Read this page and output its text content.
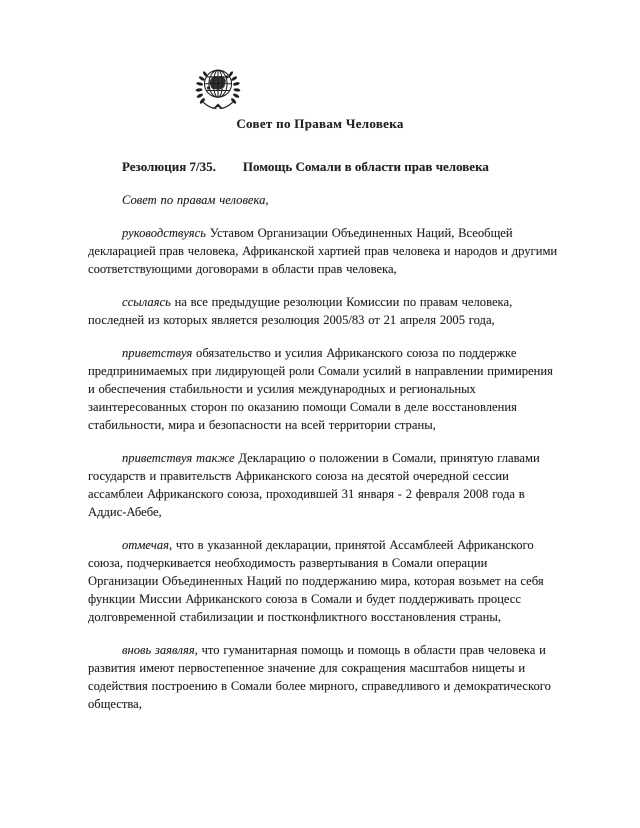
Совет по Правам Человека
Резолюция 7/35. Помощь Сомали в области прав человека

Совет по правам человека,

руководствуясь Уставом Организации Объединенных Наций, Всеобщей декларацией прав человека, Африканской хартией прав человека и народов и другими соответствующими договорами в области прав человека,

ссылаясь на все предыдущие резолюции Комиссии по правам человека, последней из которых является резолюция 2005/83 от 21 апреля 2005 года,

приветствуя обязательство и усилия Африканского союза по поддержке предпринимаемых при лидирующей роли Сомали усилий в направлении примирения и обеспечения стабильности и усилия международных и региональных заинтересованных сторон по оказанию помощи Сомали в деле восстановления стабильности, мира и безопасности на всей территории страны,

приветствуя также Декларацию о положении в Сомали, принятую главами государств и правительств Африканского союза на десятой очередной сессии ассамблеи Африканского союза, проходившей 31 января - 2 февраля 2008 года в Аддис-Абебе,

отмечая, что в указанной декларации, принятой Ассамблеей Африканского союза, подчеркивается необходимость развертывания в Сомали операции Организации Объединенных Наций по поддержанию мира, которая возьмет на себя функции Миссии Африканского союза в Сомали и будет поддерживать процесс долговременной стабилизации и постконфликтного восстановления страны,

вновь заявляя, что гуманитарная помощь и помощь в области прав человека и развития имеют первостепенное значение для сокращения масштабов нищеты и содействия построению в Сомали более мирного, справедливого и демократического общества,
